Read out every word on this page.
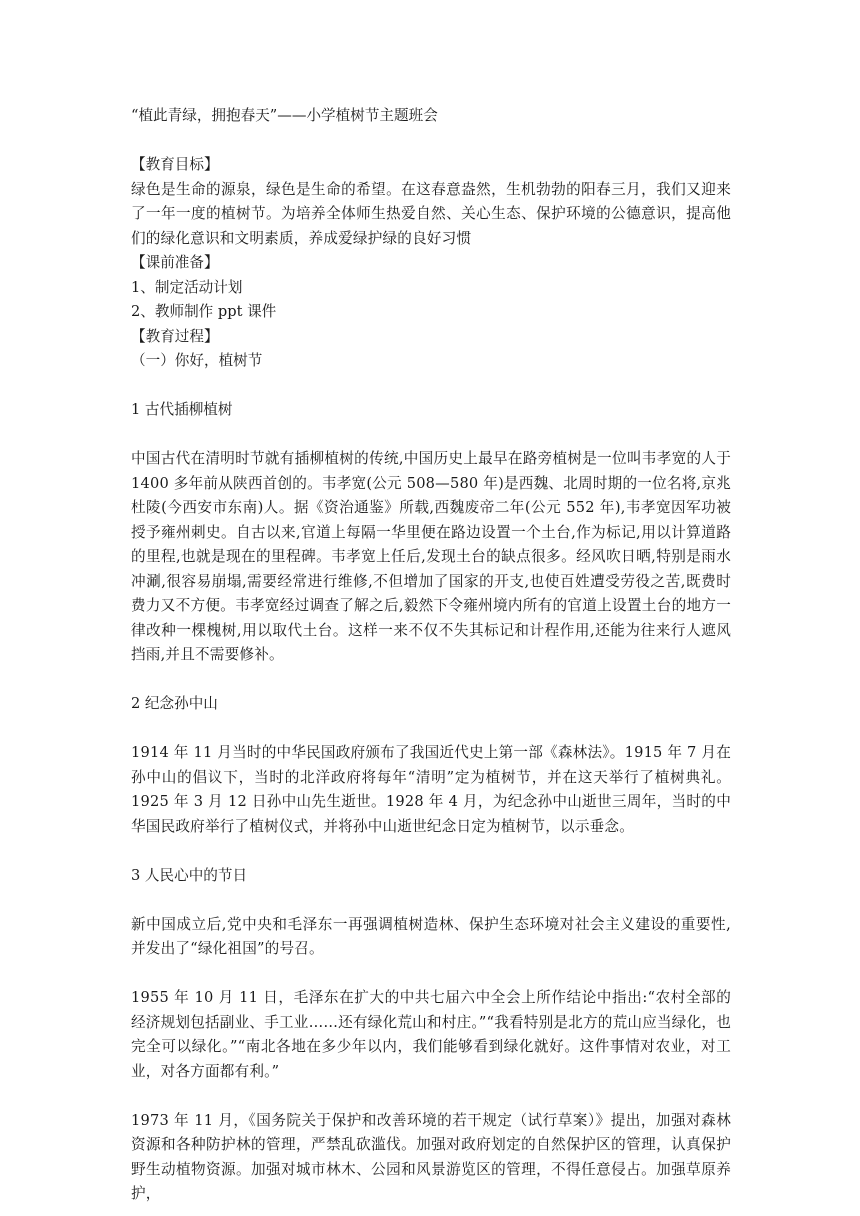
“植此青绿，拥抱春天”——小学植树节主题班会
【教育目标】
绿色是生命的源泉，绿色是生命的希望。在这春意盎然，生机勃勃的阳春三月，我们又迎来了一年一度的植树节。为培养全体师生热爱自然、关心生态、保护环境的公德意识，提高他们的绿化意识和文明素质，养成爱绿护绿的良好习惯
【课前准备】
1、制定活动计划
2、教师制作 ppt 课件
【教育过程】
（一）你好，植树节
1 古代插柳植树
中国古代在清明时节就有插柳植树的传统,中国历史上最早在路旁植树是一位叫韦孝宽的人于 1400 多年前从陕西首创的。韦孝宽(公元 508—580 年)是西魏、北周时期的一位名将,京兆杜陵(今西安市东南)人。据《资治通鉴》所载,西魏废帝二年(公元 552 年),韦孝宽因军功被授予雍州刺史。自古以来,官道上每隔一华里便在路边设置一个土台,作为标记,用以计算道路的里程,也就是现在的里程碑。韦孝宽上任后,发现土台的缺点很多。经风吹日晒,特别是雨水冲涮,很容易崩塌,需要经常进行维修,不但增加了国家的开支,也使百姓遭受劳役之苦,既费时费力又不方便。韦孝宽经过调查了解之后,毅然下令雍州境内所有的官道上设置土台的地方一律改种一棵槐树,用以取代土台。这样一来不仅不失其标记和计程作用,还能为往来行人遮风挡雨,并且不需要修补。
2 纪念孙中山
1914 年 11 月当时的中华民国政府颁布了我国近代史上第一部《森林法》。1915 年 7 月在孙中山的倡议下，当时的北洋政府将每年“清明”定为植树节，并在这天举行了植树典礼。1925 年 3 月 12 日孙中山先生逝世。1928 年 4 月，为纪念孙中山逝世三周年，当时的中华国民政府举行了植树仪式，并将孙中山逝世纪念日定为植树节，以示垂念。
3 人民心中的节日
新中国成立后,党中央和毛泽东一再强调植树造林、保护生态环境对社会主义建设的重要性,并发出了“绿化祖国”的号召。
1955 年 10 月 11 日，毛泽东在扩大的中共七届六中全会上所作结论中指出:“农村全部的经济规划包括副业、手工业……还有绿化荒山和村庄。”“我看特别是北方的荒山应当绿化，也完全可以绿化。”“南北各地在多少年以内，我们能够看到绿化就好。这件事情对农业，对工业，对各方面都有利。”
1973 年 11 月，《国务院关于保护和改善环境的若干规定（试行草案）》提出，加强对森林资源和各种防护林的管理，严禁乱砍滥伐。加强对政府划定的自然保护区的管理，认真保护野生动植物资源。加强对城市林木、公园和风景游览区的管理，不得任意侵占。加强草原养护，
